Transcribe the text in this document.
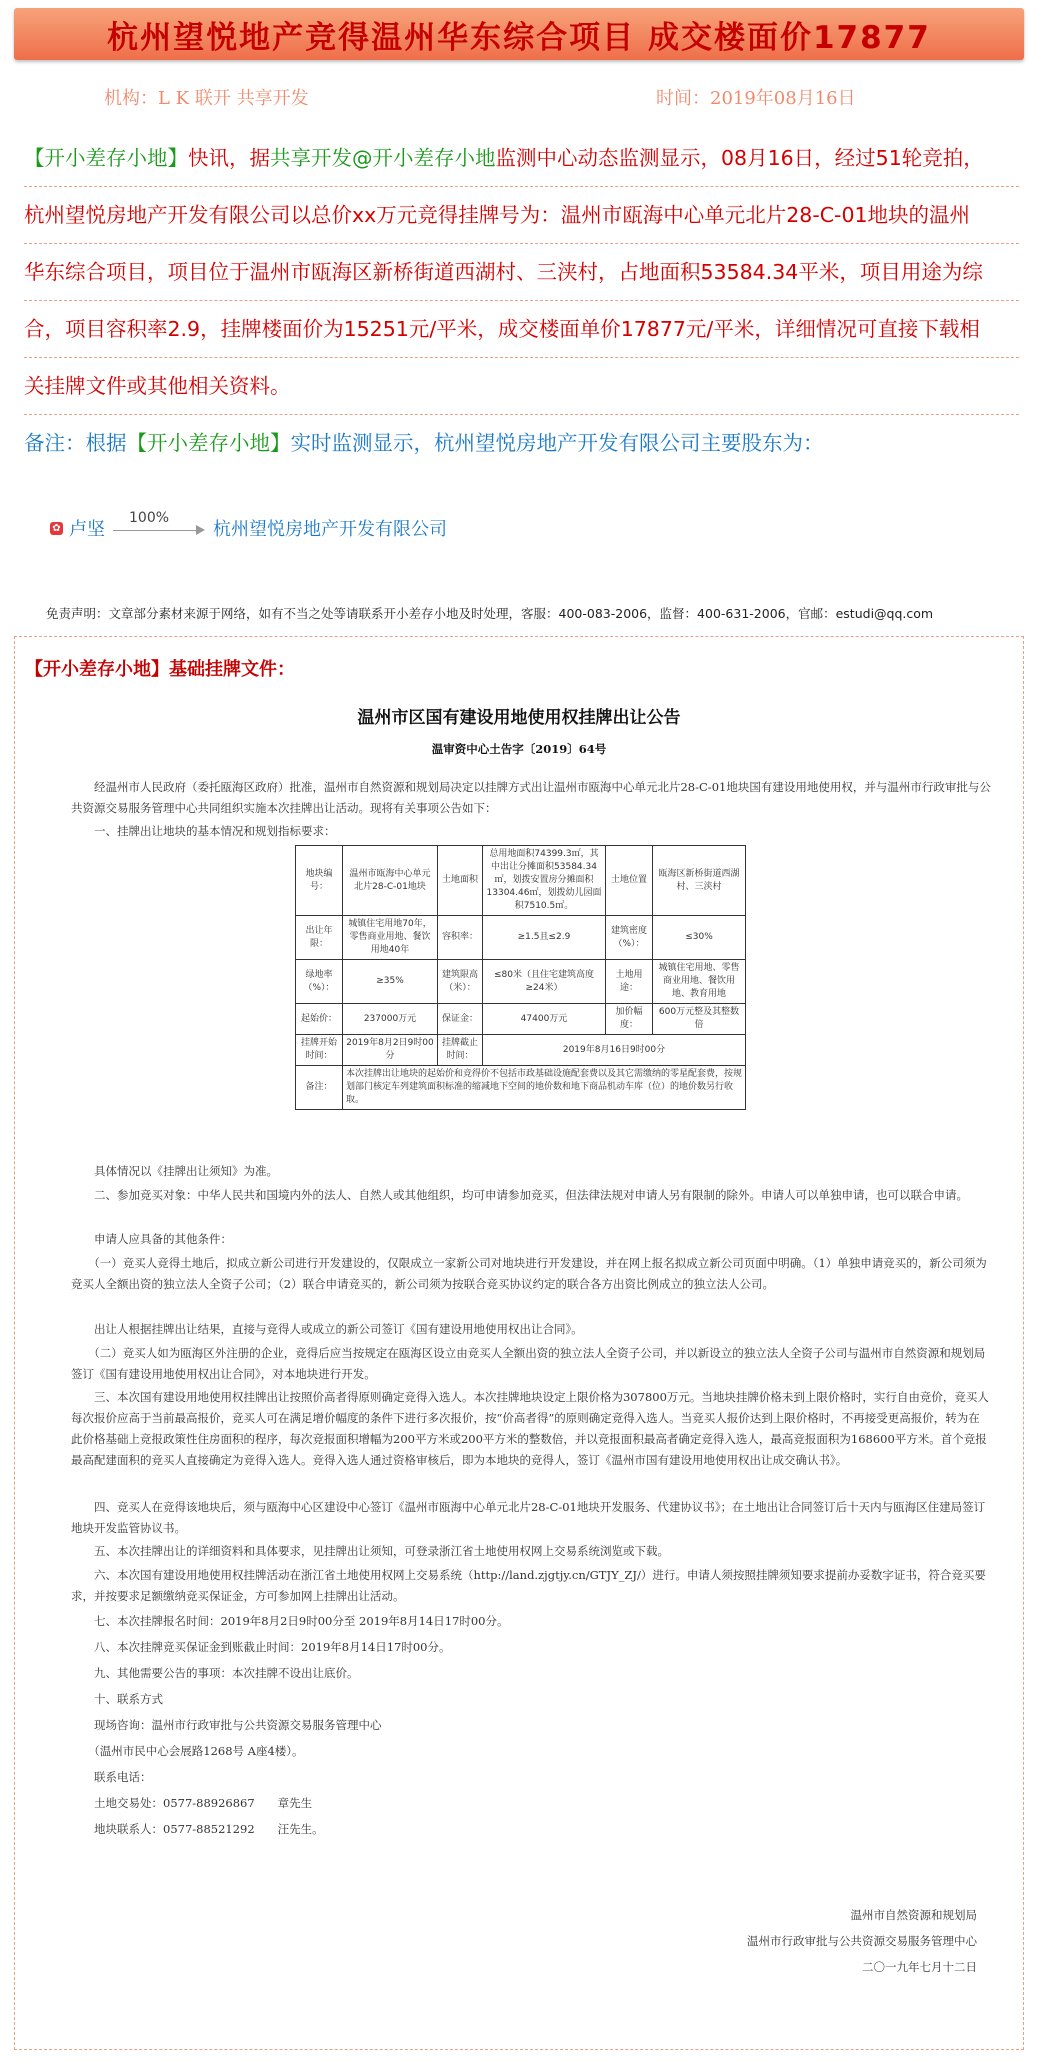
杭州望悦地产竞得温州华东综合项目 成交楼面价17877
机构：L K 联开 共享开发	时间：2019年08月16日
【开小差存小地】快讯，据共享开发@开小差存小地监测中心动态监测显示，08月16日，经过51轮竞拍，
杭州望悦房地产开发有限公司以总价xx万元竞得挂牌号为：温州市瓯海中心单元北片28-C-01地块的温州
华东综合项目，项目位于温州市瓯海区新桥街道西湖村、三浃村，占地面积53584.34平米，项目用途为综
合，项目容积率2.9，挂牌楼面价为15251元/平米，成交楼面单价17877元/平米，详细情况可直接下载相
关挂牌文件或其他相关资料。
备注：根据【开小差存小地】实时监测显示，杭州望悦房地产开发有限公司主要股东为：
✿ 卢坚
100%
杭州望悦房地产开发有限公司
免责声明：文章部分素材来源于网络，如有不当之处等请联系开小差存小地及时处理，客服：400-083-2006，监督：400-631-2006，官邮：estudi@qq.com
【开小差存小地】基础挂牌文件：
温州市区国有建设用地使用权挂牌出让公告
温审资中心土告字〔2019〕64号
　　经温州市人民政府（委托瓯海区政府）批准，温州市自然资源和规划局决定以挂牌方式出让温州市瓯海中心单元北片28-C-01地块国有建设用地使用权，并与温州市行政审批与公共资源交易服务管理中心共同组织实施本次挂牌出让活动。现将有关事项公告如下：
　　一、挂牌出让地块的基本情况和规划指标要求：
地块编号：	温州市瓯海中心单元北片28-C-01地块	土地面积	总用地面积74399.3㎡，其中出让分摊面积53584.34㎡，划拨安置房分摊面积13304.46㎡，划拨幼儿园面积7510.5㎡。	土地位置	瓯海区新桥街道西湖村、三浃村
出让年限：	城镇住宅用地70年，零售商业用地、餐饮用地40年	容积率：	≥1.5且≤2.9	建筑密度（%）：	≤30%
绿地率（%）：	≥35%	建筑限高（米）：	≤80米（且住宅建筑高度≥24米）	土地用途：	城镇住宅用地、零售商业用地、餐饮用地、教育用地
起始价：	237000万元	保证金：	47400万元	加价幅度：	600万元整及其整数倍
挂牌开始时间：	2019年8月2日9时00分	挂牌截止时间：	2019年8月16日9时00分		
备注：	本次挂牌出让地块的起始价和竞得价不包括市政基础设施配套费以及其它需缴纳的零星配套费，按规划部门核定车列建筑面积标准的缩减地下空间的地价数和地下商品机动车库（位）的地价数另行收取。				
　　具体情况以《挂牌出让须知》为准。
　　二、参加竞买对象：中华人民共和国境内外的法人、自然人或其他组织，均可申请参加竞买，但法律法规对申请人另有限制的除外。申请人可以单独申请，也可以联合申请。
　　申请人应具备的其他条件：
　　（一）竞买人竞得土地后，拟成立新公司进行开发建设的，仅限成立一家新公司对地块进行开发建设，并在网上报名拟成立新公司页面中明确。（1）单独申请竞买的，新公司须为竞买人全额出资的独立法人全资子公司；（2）联合申请竞买的，新公司须为按联合竞买协议约定的联合各方出资比例成立的独立法人公司。
　　出让人根据挂牌出让结果，直接与竞得人或成立的新公司签订《国有建设用地使用权出让合同》。
　　（二）竞买人如为瓯海区外注册的企业，竞得后应当按规定在瓯海区设立由竞买人全额出资的独立法人全资子公司，并以新设立的独立法人全资子公司与温州市自然资源和规划局签订《国有建设用地使用权出让合同》，对本地块进行开发。
　　三、本次国有建设用地使用权挂牌出让按照价高者得原则确定竞得入选人。本次挂牌地块设定上限价格为307800万元。当地块挂牌价格未到上限价格时，实行自由竞价，竞买人每次报价应高于当前最高报价，竞买人可在满足增价幅度的条件下进行多次报价，按“价高者得”的原则确定竞得入选人。当竞买人报价达到上限价格时，不再接受更高报价，转为在此价格基础上竞报政策性住房面积的程序，每次竞报面积增幅为200平方米或200平方米的整数倍，并以竞报面积最高者确定竞得入选人，最高竞报面积为168600平方米。首个竞报最高配建面积的竞买人直接确定为竞得入选人。竞得入选人通过资格审核后，即为本地块的竞得人，签订《温州市国有建设用地使用权出让成交确认书》。
　　四、竞买人在竞得该地块后，须与瓯海中心区建设中心签订《温州市瓯海中心单元北片28-C-01地块开发服务、代建协议书》；在土地出让合同签订后十天内与瓯海区住建局签订地块开发监管协议书。
　　五、本次挂牌出让的详细资料和具体要求，见挂牌出让须知，可登录浙江省土地使用权网上交易系统浏览或下载。
　　六、本次国有建设用地使用权挂牌活动在浙江省土地使用权网上交易系统（http://land.zjgtjy.cn/GTJY_ZJ/）进行。申请人须按照挂牌须知要求提前办妥数字证书，符合竞买要求，并按要求足额缴纳竞买保证金，方可参加网上挂牌出让活动。
　　七、本次挂牌报名时间：2019年8月2日9时00分至 2019年8月14日17时00分。
　　八、本次挂牌竞买保证金到账截止时间：2019年8月14日17时00分。
　　九、其他需要公告的事项：本次挂牌不设出让底价。
　　十、联系方式
　　现场咨询：温州市行政审批与公共资源交易服务管理中心
　　（温州市民中心会展路1268号 A座4楼）。
　　联系电话：
　　土地交易处：0577-88926867　　章先生
　　地块联系人：0577-88521292　　汪先生。
温州市自然资源和规划局
温州市行政审批与公共资源交易服务管理中心
二〇一九年七月十二日
